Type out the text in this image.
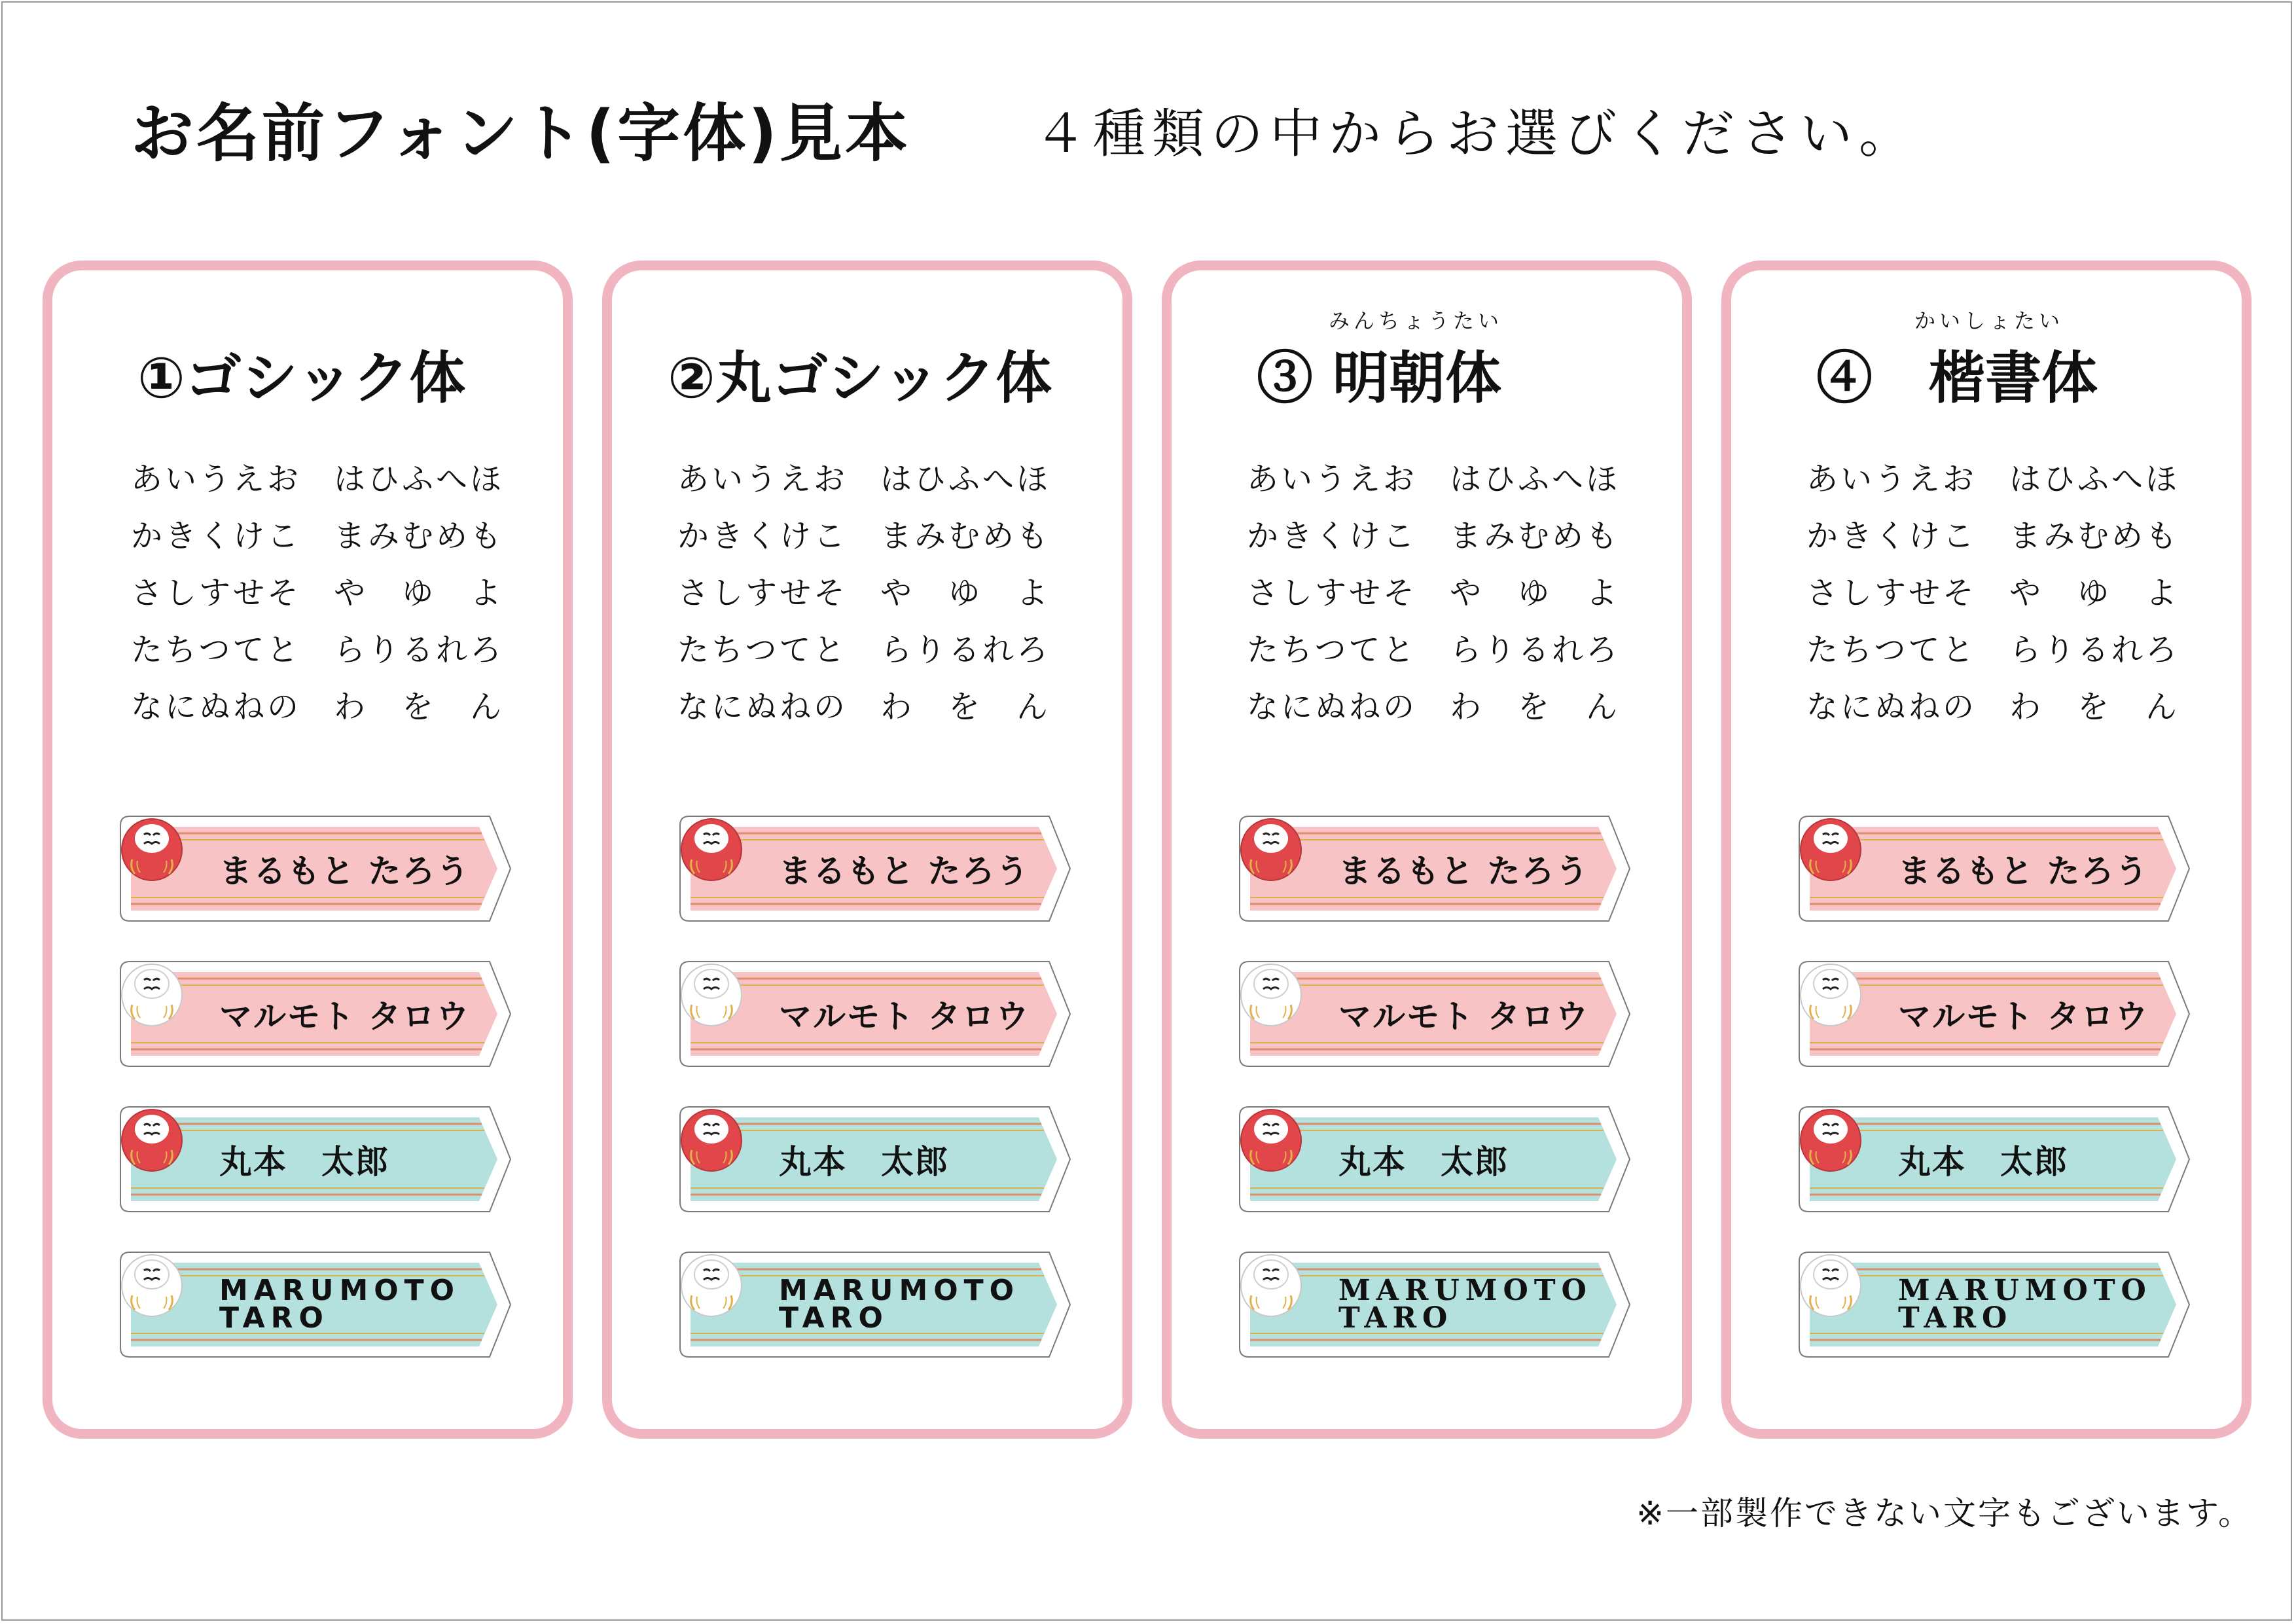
お名前フォント(字体)見本 ４種類の中からお選びください。
①ゴシック体
あいうえお はひふへほ
かきくけこ まみむめも
さしすせそ や　ゆ　よ
たちつてと らりるれろ
なにぬねの わ　を　ん
まるもと たろう
マルモト タロウ
丸本　太郎
MARUMOTO
TARO
②丸ゴシック体
あいうえお はひふへほ
かきくけこ まみむめも
さしすせそ や　ゆ　よ
たちつてと らりるれろ
なにぬねの わ　を　ん
まるもと たろう
マルモト タロウ
丸本　太郎
MARUMOTO
TARO
みんちょうたい
③ 明朝体
あいうえお はひふへほ
かきくけこ まみむめも
さしすせそ や　ゆ　よ
たちつてと らりるれろ
なにぬねの わ　を　ん
まるもと たろう
マルモト タロウ
丸本　太郎
MARUMOTO
TARO
かいしょたい
④　楷書体
あいうえお はひふへほ
かきくけこ まみむめも
さしすせそ や　ゆ　よ
たちつてと らりるれろ
なにぬねの わ　を　ん
まるもと たろう
マルモト タロウ
丸本　太郎
MARUMOTO
TARO
※一部製作できない文字もございます。
